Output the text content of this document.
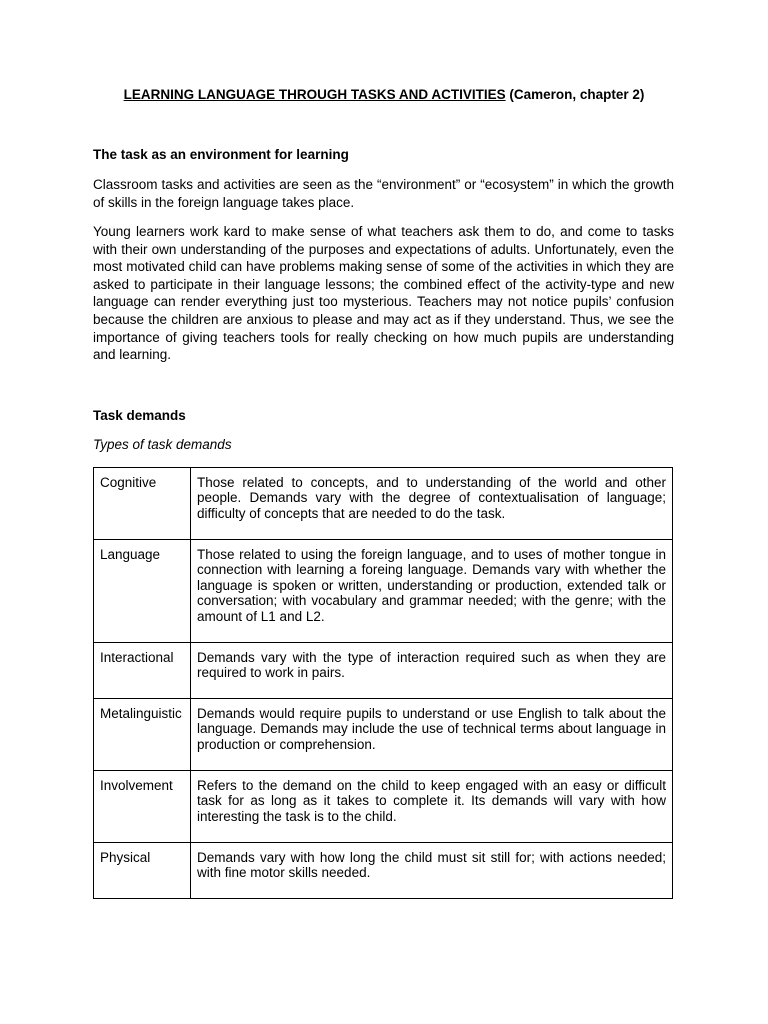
LEARNING LANGUAGE THROUGH TASKS AND ACTIVITIES (Cameron, chapter 2)

The task as an environment for learning

Classroom tasks and activities are seen as the “environment” or “ecosystem” in which the growth of skills in the foreign language takes place.

Young learners work kard to make sense of what teachers ask them to do, and come to tasks with their own understanding of the purposes and expectations of adults. Unfortunately, even the most motivated child can have problems making sense of some of the activities in which they are asked to participate in their language lessons; the combined effect of the activity-type and new language can render everything just too mysterious. Teachers may not notice pupils’ confusion because the children are anxious to please and may act as if they understand. Thus, we see the importance of giving teachers tools for really checking on how much pupils are understanding and learning.

Task demands

Types of task demands

Cognitive	Those related to concepts, and to understanding of the world and other people. Demands vary with the degree of contextualisation of language; difficulty of concepts that are needed to do the task.
Language	Those related to using the foreign language, and to uses of mother tongue in connection with learning a foreing language. Demands vary with whether the language is spoken or written, understanding or production, extended talk or conversation; with vocabulary and grammar needed; with the genre; with the amount of L1 and L2.
Interactional	Demands vary with the type of interaction required such as when they are required to work in pairs.
Metalinguistic	Demands would require pupils to understand or use English to talk about the language. Demands may include the use of technical terms about language in production or comprehension.
Involvement	Refers to the demand on the child to keep engaged with an easy or difficult task for as long as it takes to complete it. Its demands will vary with how interesting the task is to the child.
Physical	Demands vary with how long the child must sit still for; with actions needed; with fine motor skills needed.
